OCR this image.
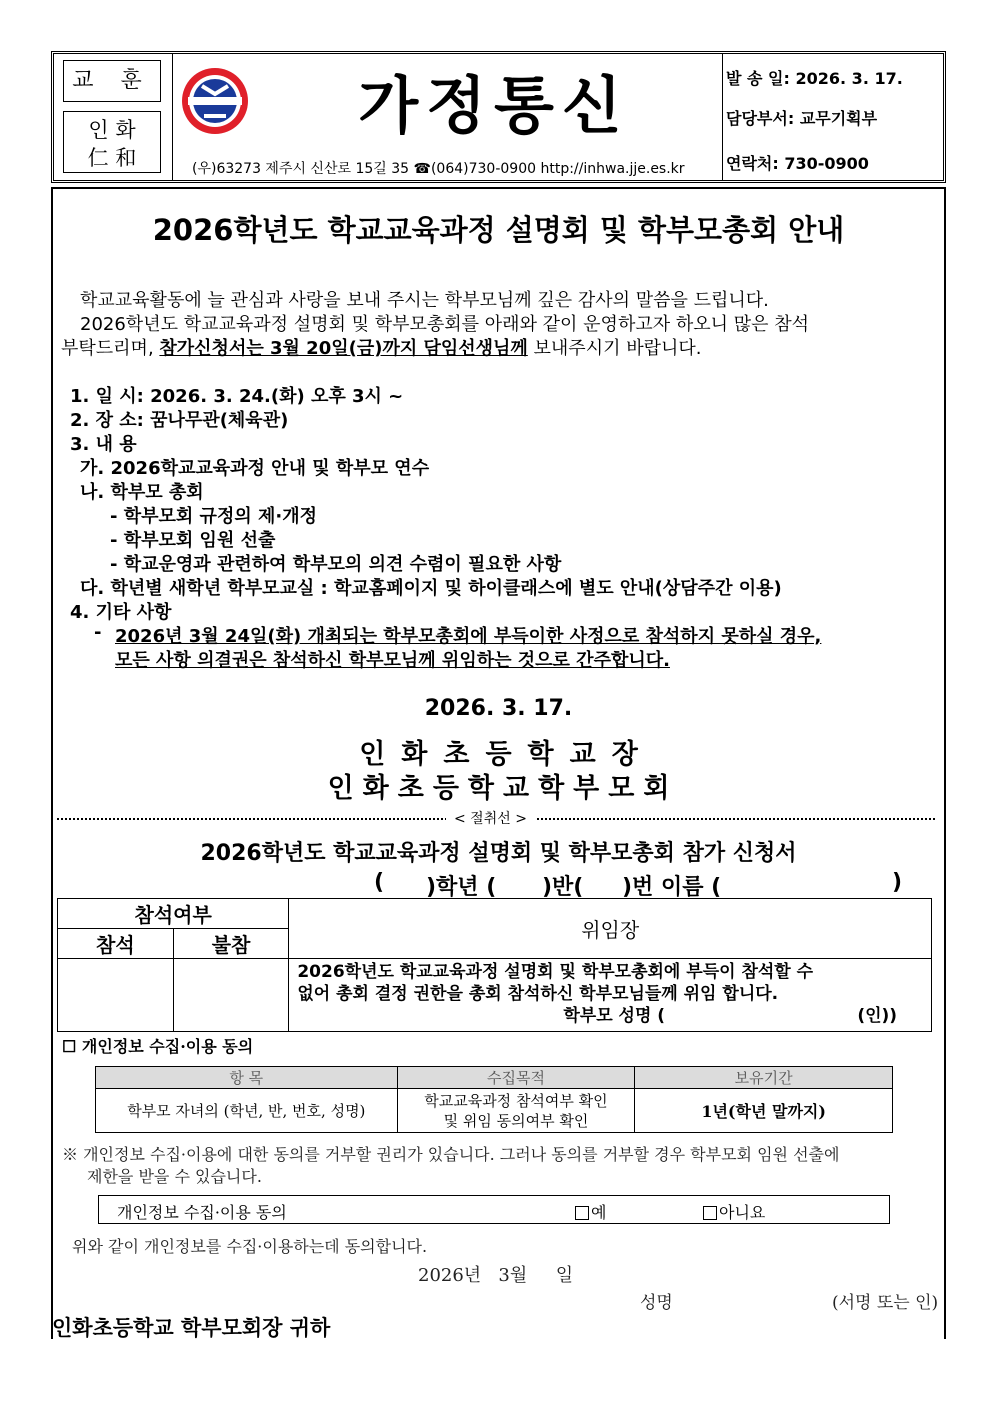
교 훈
인 화
仁 和
가정통신
(우)63273 제주시 신산로 15길 35 ☎(064)730-0900 http://inhwa.jje.es.kr
발 송 일: 2026. 3. 17.
담당부서: 교무기획부
연락처: 730-0900
2026학년도 학교교육과정 설명회 및 학부모총회 안내
학교교육활동에 늘 관심과 사랑을 보내 주시는 학부모님께 깊은 감사의 말씀을 드립니다.
2026학년도 학교교육과정 설명회 및 학부모총회를 아래와 같이 운영하고자 하오니 많은 참석
부탁드리며, 참가신청서는 3월 20일(금)까지 담임선생님께 보내주시기 바랍니다.
1. 일 시: 2026. 3. 24.(화) 오후 3시 ~
2. 장 소: 꿈나무관(체육관)
3. 내 용
가. 2026학교교육과정 안내 및 학부모 연수
나. 학부모 총회
- 학부모회 규정의 제·개정
- 학부모회 임원 선출
- 학교운영과 관련하여 학부모의 의견 수렴이 필요한 사항
다. 학년별 새학년 학부모교실 : 학교홈페이지 및 하이클래스에 별도 안내(상담주간 이용)
4. 기타 사항
- 2026년 3월 24일(화) 개최되는 학부모총회에 부득이한 사정으로 참석하지 못하실 경우,
모든 사항 의결권은 참석하신 학부모님께 위임하는 것으로 간주합니다.
2026. 3. 17.
인화초등학교장
인화초등학교학부모회
< 절취선 >
2026학년도 학교교육과정 설명회 및 학부모총회 참가 신청서
( )학년 ( )반( )번 이름 (	)
참석여부		위임장
참석	불참	

		2026학년도 학교교육과정 설명회 및 학부모총회에 부득이 참석할 수
없어 총회 결정 권한을 총회 참석하신 학부모님들께 위임 합니다.
학부모 성명 ( (인))
☐ 개인정보 수집·이용 동의
항 목	수집목적	보유기간
학부모 자녀의 (학년, 반, 번호, 성명)	학교교육과정 참석여부 확인
및 위임 동의여부 확인	1년(학년 말까지)
※ 개인정보 수집·이용에 대한 동의를 거부할 권리가 있습니다. 그러나 동의를 거부할 경우 학부모회 임원 선출에
제한을 받을 수 있습니다.
개인정보 수집·이용 동의	예	아니요
위와 같이 개인정보를 수집·이용하는데 동의합니다.
2026년   3월     일
성명	(서명 또는 인)
인화초등학교 학부모회장 귀하
